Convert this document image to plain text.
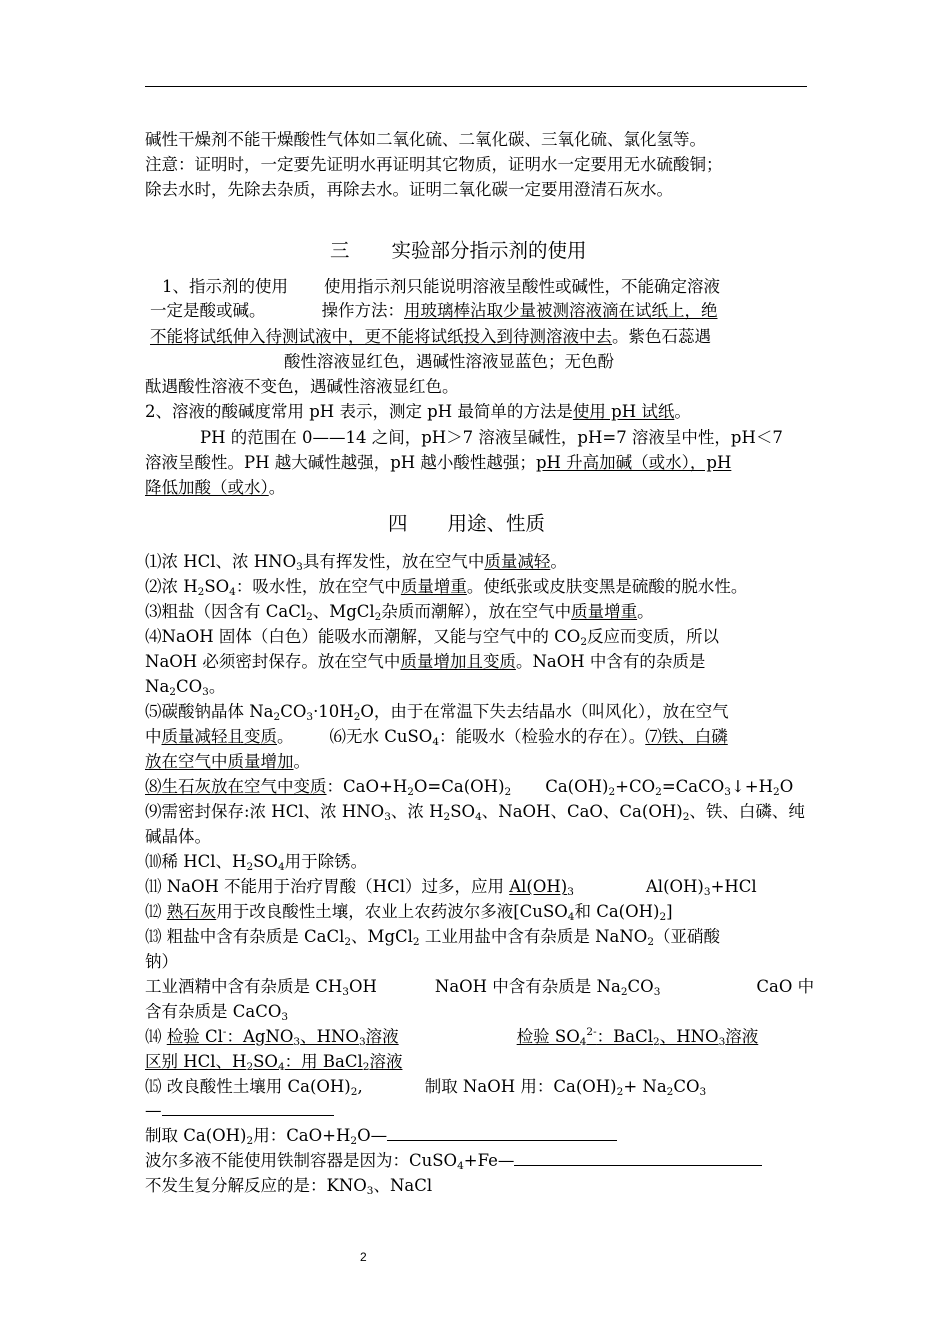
碱性干燥剂不能干燥酸性气体如二氧化硫、二氧化碳、三氧化硫、氯化氢等。
注意：证明时，一定要先证明水再证明其它物质，证明水一定要用无水硫酸铜；
除去水时，先除去杂质，再除去水。证明二氧化碳一定要用澄清石灰水。
三 实验部分指示剂的使用
1、指示剂的使用 使用指示剂只能说明溶液呈酸性或碱性，不能确定溶液
一定是酸或碱。	操作方法：用玻璃棒沾取少量被测溶液滴在试纸上，绝
不能将试纸伸入待测试液中，更不能将试纸投入到待测溶液中去。紫色石蕊遇
酸性溶液显红色，遇碱性溶液显蓝色；无色酚
酞遇酸性溶液不变色，遇碱性溶液显红色。
2、溶液的酸碱度常用 pH 表示，测定 pH 最简单的方法是使用 pH 试纸。
PH 的范围在 0——14 之间，pH＞7 溶液呈碱性，pH=7 溶液呈中性，pH＜7
溶液呈酸性。PH 越大碱性越强，pH 越小酸性越强；pH 升高加碱（或水），pH
降低加酸（或水）。
四 用途、性质
⑴浓 HCl、浓 $HNO_3$具有挥发性，放在空气中质量减轻。
⑵浓 $H_2SO_4$：吸水性，放在空气中质量增重。使纸张或皮肤变黑是硫酸的脱水性。
⑶粗盐（因含有 CaCl$_2$、MgCl$_2$杂质而潮解），放在空气中质量增重。
⑷NaOH 固体（白色）能吸水而潮解，又能与空气中的 $CO_2$反应而变质，所以
NaOH 必须密封保存。放在空气中质量增加且变质。NaOH 中含有的杂质是
$Na_2CO_3$。
⑸碳酸钠晶体 $Na_2CO_3\cdot 10H_2O$，由于在常温下失去结晶水（叫风化），放在空气
中质量减轻且变质。 ⑹无水 CuSO$_4$：能吸水（检验水的存在）。⑺铁、白磷
放在空气中质量增加。
⑻生石灰放在空气中变质：$CaO+H_2O=Ca(OH)_2$ $Ca(OH)_2+CO_2=CaCO_3↓+H_2O$
⑼需密封保存:浓 HCl、浓 $HNO_3$、浓 $H_2SO_4$、NaOH、CaO、$Ca(OH)_2$、铁、白磷、纯
碱晶体。
⑽稀 HCl、$H_2SO_4$用于除锈。
⑾ NaOH 不能用于治疗胃酸（HCl）过多，应用 $Al(OH)_3$	$Al(OH)_3+HCl$
⑿ 熟石灰用于改良酸性土壤，农业上农药波尔多液[CuSO$_4$和 $Ca(OH)_2$]
⒀ 粗盐中含有杂质是 CaCl$_2$、MgCl$_2$ 工业用盐中含有杂质是 NaNO$_2$（亚硝酸
钠）
工业酒精中含有杂质是 $CH_3OH$	NaOH 中含有杂质是 $Na_2CO_3$	CaO 中
含有杂质是 CaCO$_3$
⒁ 检验 Cl-：AgNO$_3$、$HNO_3$溶液	检验 $SO_4^{2-}$：BaCl$_2$、$HNO_3$溶液
区别 HCl、$H_2SO_4$：用 BaCl$_2$溶液
⒂ 改良酸性土壤用 $Ca(OH)_2$,	制取 NaOH 用：$Ca(OH)_2+ Na_2CO_3$
—
制取 $Ca(OH)_2$用：$CaO+H_2O—$
波尔多液不能使用铁制容器是因为：CuSO$_4$+Fe—
不发生复分解反应的是：$KNO_3$、NaCl
2
